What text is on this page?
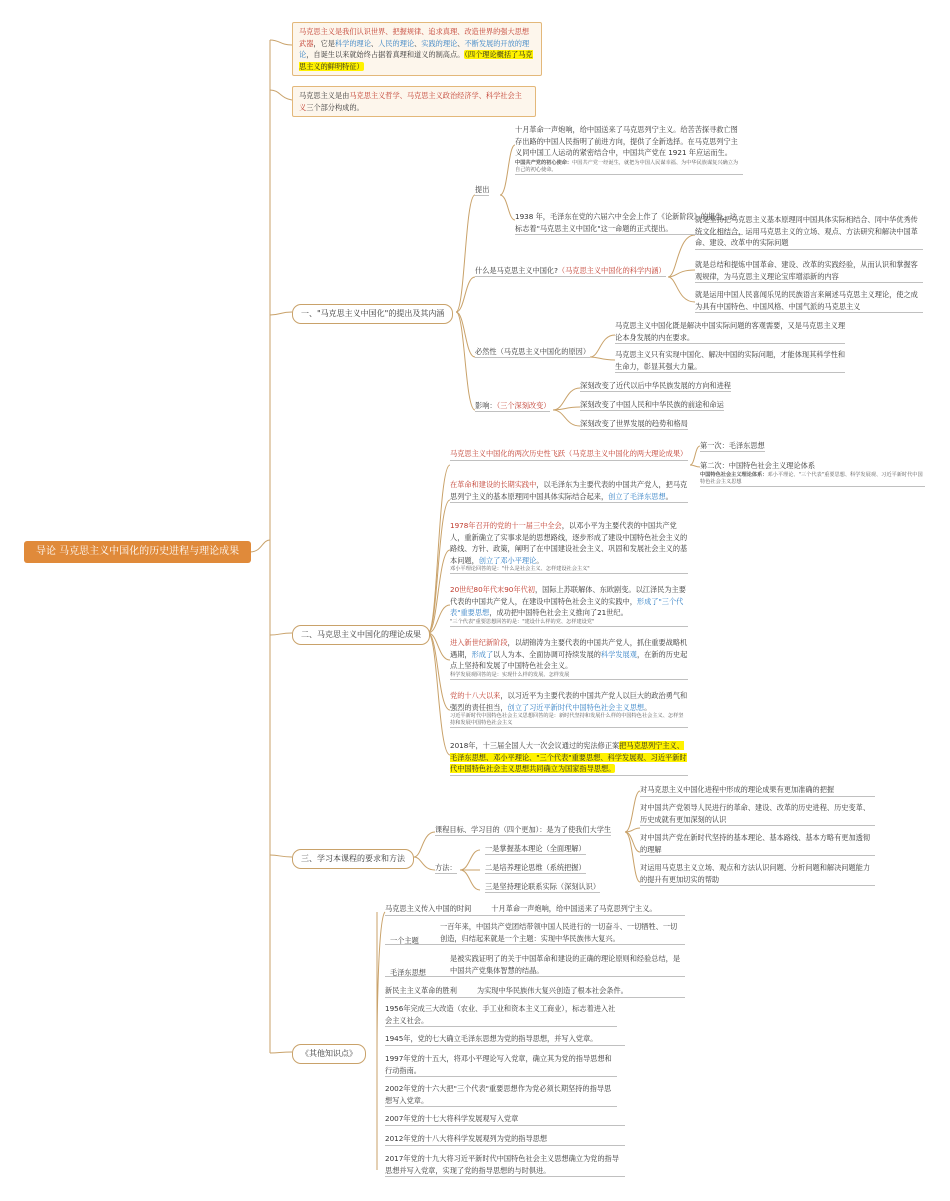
导论 马克思主义中国化的历史进程与理论成果
马克思主义是我们认识世界、把握规律、追求真理、改造世界的强大思想武器，它是科学的理论、人民的理论、实践的理论、不断发展的开放的理论，自诞生以来就始终占据着真理和道义的制高点。（四个理论概括了马克思主义的鲜明特征）
马克思主义是由马克思主义哲学、马克思主义政治经济学、科学社会主义三个部分构成的。
一、"马克思主义中国化"的提出及其内涵
提出
十月革命一声炮响，给中国送来了马克思列宁主义。给苦苦探寻救亡图存出路的中国人民指明了前进方向，提供了全新选择。在马克思列宁主义同中国工人运动的紧密结合中，中国共产党在 1921 年应运而生。
中国共产党的初心使命：中国共产党一经诞生，就把为中国人民谋幸福、为中华民族谋复兴确立为自己的初心使命。
1938 年，毛泽东在党的六届六中全会上作了《论新阶段》的报告，这标志着"马克思主义中国化"这一命题的正式提出。
什么是马克思主义中国化?（马克思主义中国化的科学内涵）
就是坚持把马克思主义基本原理同中国具体实际相结合、同中华优秀传统文化相结合，运用马克思主义的立场、观点、方法研究和解决中国革命、建设、改革中的实际问题
就是总结和提炼中国革命、建设、改革的实践经验，从而认识和掌握客观规律，为马克思主义理论宝库增添新的内容
就是运用中国人民喜闻乐见的民族语言来阐述马克思主义理论，使之成为具有中国特色、中国风格、中国气派的马克思主义
必然性（马克思主义中国化的原因）
马克思主义中国化既是解决中国实际问题的客观需要，又是马克思主义理论本身发展的内在要求。
马克思主义只有实现中国化、解决中国的实际问题，才能体现其科学性和生命力，彰显其强大力量。
影响：（三个深刻改变）
深刻改变了近代以后中华民族发展的方向和进程
深刻改变了中国人民和中华民族的前途和命运
深刻改变了世界发展的趋势和格局
二、马克思主义中国化的理论成果
马克思主义中国化的两次历史性飞跃（马克思主义中国化的两大理论成果）
第一次：毛泽东思想
第二次：中国特色社会主义理论体系
中国特色社会主义理论体系：邓小平理论、"三个代表"重要思想、科学发展观、习近平新时代中国特色社会主义思想
在革命和建设的长期实践中，以毛泽东为主要代表的中国共产党人，把马克思列宁主义的基本原理同中国具体实际结合起来，创立了毛泽东思想。
1978年召开的党的十一届三中全会，以邓小平为主要代表的中国共产党人，重新确立了实事求是的思想路线，逐步形成了建设中国特色社会主义的路线、方针、政策，阐明了在中国建设社会主义、巩固和发展社会主义的基本问题，创立了邓小平理论。
邓小平理论回答的是："什么是社会主义、怎样建设社会主义"
20世纪80年代末90年代初，国际上苏联解体、东欧剧变。以江泽民为主要代表的中国共产党人，在建设中国特色社会主义的实践中，形成了"三个代表"重要思想，成功把中国特色社会主义推向了21世纪。
"三个代表"重要思想回答的是："建设什么样的党、怎样建设党"
进入新世纪新阶段，以胡锦涛为主要代表的中国共产党人，抓住重要战略机遇期，形成了以人为本、全面协调可持续发展的科学发展观，在新的历史起点上坚持和发展了中国特色社会主义。
科学发展观回答的是：实现什么样的发展、怎样发展
党的十八大以来，以习近平为主要代表的中国共产党人以巨大的政治勇气和强烈的责任担当，创立了习近平新时代中国特色社会主义思想。
习近平新时代中国特色社会主义思想回答的是：新时代坚持和发展什么样的中国特色社会主义、怎样坚持和发展中国特色社会主义
2018年，十三届全国人大一次会议通过的宪法修正案把马克思列宁主义、毛泽东思想、邓小平理论、"三个代表"重要思想、科学发展观、习近平新时代中国特色社会主义思想共同确立为国家指导思想。
三、学习本课程的要求和方法
课程目标、学习目的（四个更加）：是为了使我们大学生
对马克思主义中国化进程中形成的理论成果有更加准确的把握
对中国共产党领导人民进行的革命、建设、改革的历史进程、历史变革、历史成就有更加深刻的认识
对中国共产党在新时代坚持的基本理论、基本路线、基本方略有更加透彻的理解
对运用马克思主义立场、观点和方法认识问题、分析问题和解决问题能力的提升有更加切实的帮助
方法：
一是掌握基本理论（全面理解）
二是培养理论思维（系统把握）
三是坚持理论联系实际（深刻认识）
《其他知识点》
马克思主义传入中国的时间	十月革命一声炮响，给中国送来了马克思列宁主义。
一个主题
一百年来，中国共产党团结带领中国人民进行的一切奋斗、一切牺牲、一切创造，归结起来就是一个主题：实现中华民族伟大复兴。
毛泽东思想
是被实践证明了的关于中国革命和建设的正确的理论原则和经验总结，是中国共产党集体智慧的结晶。
新民主主义革命的胜利	为实现中华民族伟大复兴创造了根本社会条件。
1956年完成三大改造（农业、手工业和资本主义工商业），标志着进入社会主义社会。
1945年，党的七大确立毛泽东思想为党的指导思想，并写入党章。
1997年党的十五大，将邓小平理论写入党章，确立其为党的指导思想和行动指南。
2002年党的十六大把"三个代表"重要思想作为党必须长期坚持的指导思想写入党章。
2007年党的十七大将科学发展观写入党章
2012年党的十八大将科学发展观列为党的指导思想
2017年党的十九大将习近平新时代中国特色社会主义思想确立为党的指导思想并写入党章，实现了党的指导思想的与时俱进。
